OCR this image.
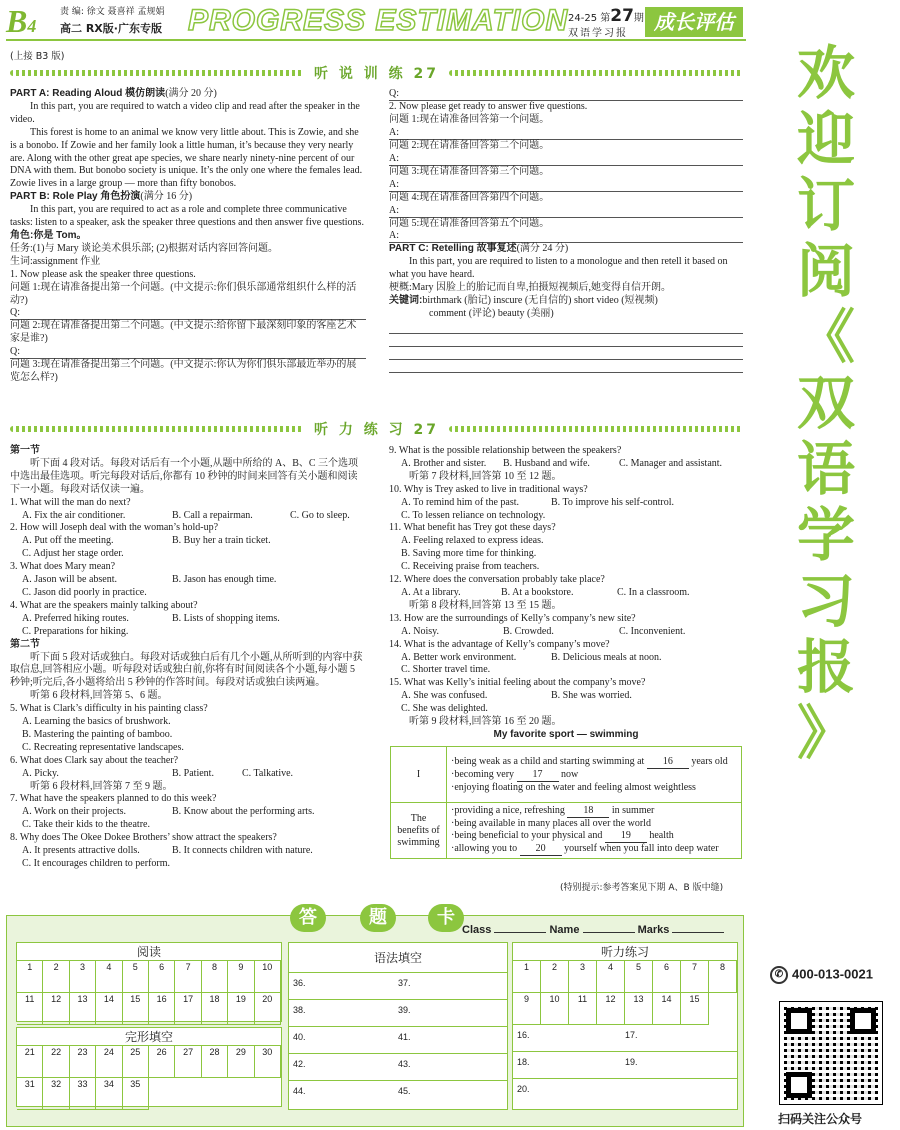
B4
责 编: 徐文 聂喜祥 孟规娟
高二 RX版·广东专版 PROGRESS ESTIMATION 24-25 第27期
双语学习报	成长评估
(上接 B3 版)
听 说 训 练 27

PART A: Reading Aloud 模仿朗读(满分 20 分)

In this part, you are required to watch a video clip and read after the speaker in the video.

This forest is home to an animal we know very little about. This is Zowie, and she is a bonobo. If Zowie and her family look a little human, it’s because they very nearly are. Along with the other great ape species, we share nearly ninety-nine percent of our DNA with them. But bonobo society is unique. It’s the only one where the females lead. Zowie lives in a large group — more than fifty bonobos.

PART B: Role Play 角色扮演(满分 16 分)

In this part, you are required to act as a role and complete three communicative tasks: listen to a speaker, ask the speaker three questions and then answer five questions.

角色:你是 Tom。

任务:(1)与 Mary 谈论美术俱乐部; (2)根据对话内容回答问题。

生词:assignment 作业

1. Now please ask the speaker three questions.

问题 1:现在请准备提出第一个问题。(中文提示:你们俱乐部通常组织什么样的活动?)

Q:

问题 2:现在请准备提出第二个问题。(中文提示:给你留下最深刻印象的客座艺术家是谁?)

Q:

问题 3:现在请准备提出第三个问题。(中文提示:你认为你们俱乐部最近举办的展览怎么样?)

Q:

2. Now please get ready to answer five questions.

问题 1:现在请准备回答第一个问题。

A:

问题 2:现在请准备回答第二个问题。

A:

问题 3:现在请准备回答第三个问题。

A:

问题 4:现在请准备回答第四个问题。

A:

问题 5:现在请准备回答第五个问题。

A:

PART C: Retelling 故事复述(满分 24 分)

In this part, you are required to listen to a monologue and then retell it based on what you have heard.

梗概:Mary 因脸上的胎记而自卑,拍摄短视频后,她变得自信开朗。

关键词:birthmark (胎记) inscure (无自信的) short video (短视频)

comment (评论) beauty (美丽)

听 力 练 习 27

第一节

听下面 4 段对话。每段对话后有一个小题,从题中所给的 A、B、C 三个选项中选出最佳选项。听完每段对话后,你都有 10 秒钟的时间来回答有关小题和阅读下一小题。每段对话仅读一遍。

1. What will the man do next?

A. Fix the air conditioner.	B. Call a repairman.	C. Go to sleep.

2. How will Joseph deal with the woman’s hold-up?

A. Put off the meeting.	B. Buy her a train ticket.

C. Adjust her stage order.

3. What does Mary mean?

A. Jason will be absent.	B. Jason has enough time.

C. Jason did poorly in practice.

4. What are the speakers mainly talking about?

A. Preferred hiking routes.	B. Lists of shopping items.

C. Preparations for hiking.

第二节

听下面 5 段对话或独白。每段对话或独白后有几个小题,从所听到的内容中获取信息,回答相应小题。听每段对话或独白前,你将有时间阅读各个小题,每小题 5 秒钟;听完后,各小题将给出 5 秒钟的作答时间。每段对话或独白读两遍。

听第 6 段材料,回答第 5、6 题。

5. What is Clark’s difficulty in his painting class?

A. Learning the basics of brushwork.

B. Mastering the painting of bamboo.

C. Recreating representative landscapes.

6. What does Clark say about the teacher?

A. Picky.	B. Patient.	C. Talkative.

听第 6 段材料,回答第 7 至 9 题。

7. What have the speakers planned to do this week?

A. Work on their projects.	B. Know about the performing arts.

C. Take their kids to the theatre.

8. Why does The Okee Dokee Brothers’ show attract the speakers?

A. It presents attractive dolls.	B. It connects children with nature.

C. It encourages children to perform.

9. What is the possible relationship between the speakers?

A. Brother and sister. B. Husband and wife.	C. Manager and assistant.

听第 7 段材料,回答第 10 至 12 题。

10. Why is Trey asked to live in traditional ways?

A. To remind him of the past.	B. To improve his self-control.

C. To lessen reliance on technology.

11. What benefit has Trey got these days?

A. Feeling relaxed to express ideas.

B. Saving more time for thinking.

C. Receiving praise from teachers.

12. Where does the conversation probably take place?

A. At a library.	B. At a bookstore.	C. In a classroom.

听第 8 段材料,回答第 13 至 15 题。

13. How are the surroundings of Kelly’s company’s new site?

A. Noisy.	B. Crowded.	C. Inconvenient.

14. What is the advantage of Kelly’s company’s move?

A. Better work environment.	B. Delicious meals at noon.

C. Shorter travel time.

15. What was Kelly’s initial feeling about the company’s move?

A. She was confused.	B. She was worried.

C. She was delighted.

听第 9 段材料,回答第 16 至 20 题。

My favorite sport — swimming

I	·being weak as a child and starting swimming at 16 years old
·becoming very 17 now
·enjoying floating on the water and feeling almost weightless

The benefits of swimming	·providing a nice, refreshing 18 in summer
·being available in many places all over the world
·being beneficial to your physical and 19 health
·allowing you to 20 yourself when you fall into deep water
(特别提示:参考答案见下期 A、B 版中缝)
答	题	卡
Class	Name	Marks
阅读
1	2	3	4	5	6	7	8	9	10
11	12	13	14	15	16	17	18	19	20
完形填空
21	22	23	24	25	26	27	28	29	30
31	32	33	34	35
语法填空
36.	37.
38.	39.
40.	41.
42.	43.
44.	45.
听力练习
1	2	3	4	5	6	7	8
9	10	11	12	13	14	15
16.	17.
18.	19.
20.
欢
迎
订
阅
《
双
语
学
习
报
》
✆ 400-013-0021
扫码关注公众号
